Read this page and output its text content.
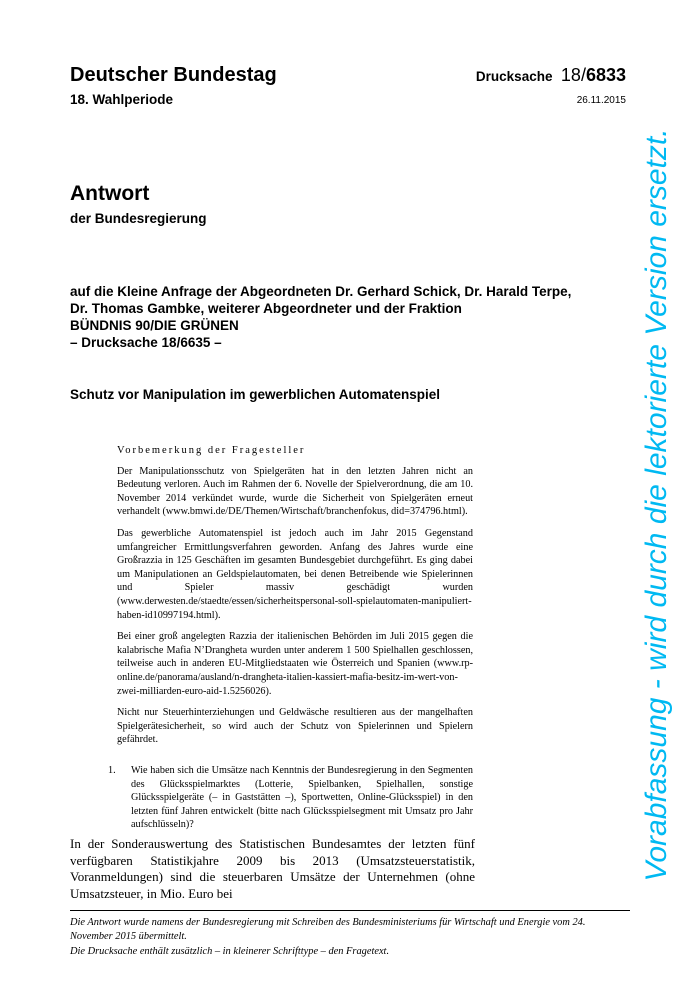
Deutscher Bundestag	Drucksache 18/6833
18. Wahlperiode	26.11.2015
Antwort
der Bundesregierung
auf die Kleine Anfrage der Abgeordneten Dr. Gerhard Schick, Dr. Harald Terpe,
Dr. Thomas Gambke, weiterer Abgeordneter und der Fraktion
BÜNDNIS 90/DIE GRÜNEN
– Drucksache 18/6635 –
Schutz vor Manipulation im gewerblichen Automatenspiel
Vorbemerkung der Fragesteller

Der Manipulationsschutz von Spielgeräten hat in den letzten Jahren nicht an Bedeutung verloren. Auch im Rahmen der 6. Novelle der Spielverordnung, die am 10. November 2014 verkündet wurde, wurde die Sicherheit von Spielgeräten erneut verhandelt (www.bmwi.de/DE/Themen/Wirtschaft/branchenfokus, did=374796.html).

Das gewerbliche Automatenspiel ist jedoch auch im Jahr 2015 Gegenstand umfangreicher Ermittlungsverfahren geworden. Anfang des Jahres wurde eine Großrazzia in 125 Geschäften im gesamten Bundesgebiet durchgeführt. Es ging dabei um Manipulationen an Geldspielautomaten, bei denen Betreibende wie Spielerinnen und Spieler massiv geschädigt wurden (www.derwesten.de/staedte/essen/sicherheitspersonal-soll-spielautomaten-manipuliert-haben-id10997194.html).

Bei einer groß angelegten Razzia der italienischen Behörden im Juli 2015 gegen die kalabrische Mafia N’Drangheta wurden unter anderem 1 500 Spielhallen geschlossen, teilweise auch in anderen EU-Mitgliedstaaten wie Österreich und Spanien (www.rp-online.de/panorama/ausland/n-drangheta-italien-kassiert-mafia-besitz-im-wert-von-zwei-milliarden-euro-aid-1.5256026).

Nicht nur Steuerhinterziehungen und Geldwäsche resultieren aus der mangelhaften Spielgerätesicherheit, so wird auch der Schutz von Spielerinnen und Spielern gefährdet.

1. Wie haben sich die Umsätze nach Kenntnis der Bundesregierung in den Segmenten des Glücksspielmarktes (Lotterie, Spielbanken, Spielhallen, sonstige Glücksspielgeräte (– in Gaststätten –), Sportwetten, Online-Glücksspiel) in den letzten fünf Jahren entwickelt (bitte nach Glücksspielsegment mit Umsatz pro Jahr aufschlüsseln)?
In der Sonderauswertung des Statistischen Bundesamtes der letzten fünf verfügbaren Statistikjahre 2009 bis 2013 (Umsatzsteuerstatistik, Voranmeldungen) sind die steuerbaren Umsätze der Unternehmen (ohne Umsatzsteuer, in Mio. Euro bei
Die Antwort wurde namens der Bundesregierung mit Schreiben des Bundesministeriums für Wirtschaft und Energie vom 24. November 2015 übermittelt.
Die Drucksache enthält zusätzlich – in kleinerer Schrifttype – den Fragetext.
Vorabfassung - wird durch die lektorierte Version ersetzt.
